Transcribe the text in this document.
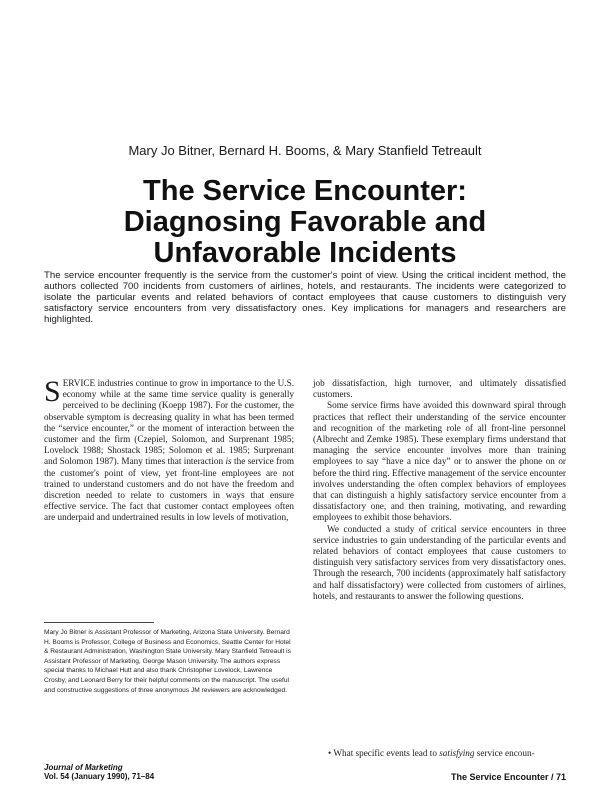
Mary Jo Bitner, Bernard H. Booms, & Mary Stanfield Tetreault
The Service Encounter:
Diagnosing Favorable and
Unfavorable Incidents
The service encounter frequently is the service from the customer's point of view. Using the critical incident method, the authors collected 700 incidents from customers of airlines, hotels, and restaurants. The incidents were categorized to isolate the particular events and related behaviors of contact employees that cause customers to distinguish very satisfactory service encounters from very dissatisfactory ones. Key implications for managers and researchers are highlighted.

SERVICE industries continue to grow in importance to the U.S. economy while at the same time service quality is generally perceived to be declining (Koepp 1987). For the customer, the observable symptom is decreasing quality in what has been termed the “service encounter,” or the moment of interaction between the customer and the firm (Czepiel, Solomon, and Surprenant 1985; Lovelock 1988; Shostack 1985; Solomon et al. 1985; Surprenant and Solomon 1987). Many times that interaction is the service from the customer's point of view, yet front-line employees are not trained to understand customers and do not have the freedom and discretion needed to relate to customers in ways that ensure effective service. The fact that customer contact employees often are underpaid and undertrained results in low levels of motivation,

job dissatisfaction, high turnover, and ultimately dissatisfied customers.

Some service firms have avoided this downward spiral through practices that reflect their understanding of the service encounter and recognition of the marketing role of all front-line personnel (Albrecht and Zemke 1985). These exemplary firms understand that managing the service encounter involves more than training employees to say “have a nice day” or to answer the phone on or before the third ring. Effective management of the service encounter involves understanding the often complex behaviors of employees that can distinguish a highly satisfactory service encounter from a dissatisfactory one, and then training, motivating, and rewarding employees to exhibit those behaviors.

We conducted a study of critical service encounters in three service industries to gain understanding of the particular events and related behaviors of contact employees that cause customers to distinguish very satisfactory services from very dissatisfactory ones. Through the research, 700 incidents (approximately half satisfactory and half dissatisfactory) were collected from customers of airlines, hotels, and restaurants to answer the following questions.

• What specific events lead to satisfying service encoun-
Mary Jo Bitner is Assistant Professor of Marketing, Arizona State University. Bernard H. Booms is Professor, College of Business and Economics, Seattle Center for Hotel & Restaurant Administration, Washington State University. Mary Stanfield Tetreault is Assistant Professor of Marketing, George Mason University. The authors express special thanks to Michael Hutt and also thank Christopher Lovelock, Lawrence Crosby, and Leonard Berry for their helpful comments on the manuscript. The useful and constructive suggestions of three anonymous JM reviewers are acknowledged.
Journal of Marketing
Vol. 54 (January 1990), 71–84	The Service Encounter / 71
